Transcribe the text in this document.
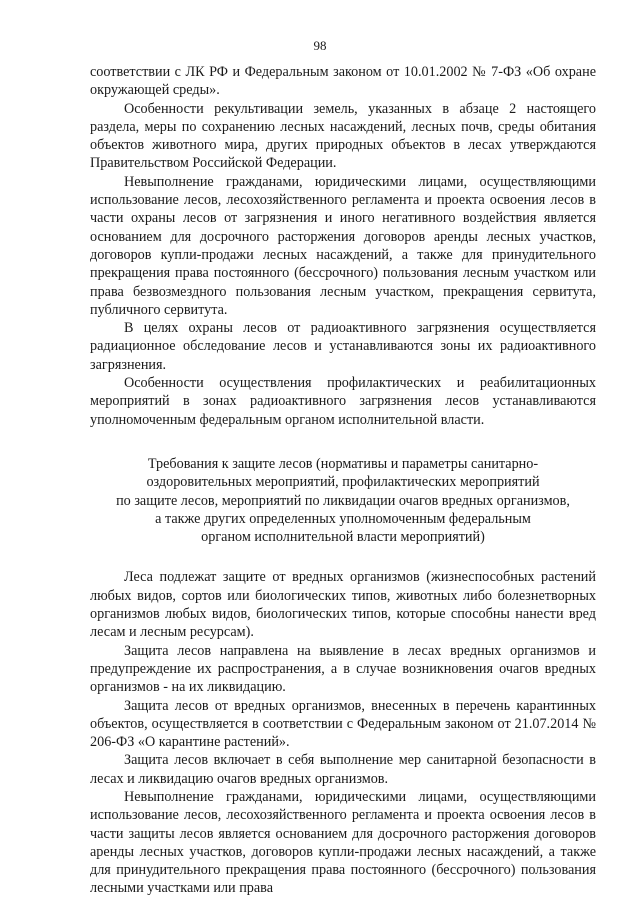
98

соответствии с ЛК РФ и Федеральным законом от 10.01.2002 № 7-ФЗ «Об охране окружающей среды».

Особенности рекультивации земель, указанных в абзаце 2 настоящего раздела, меры по сохранению лесных насаждений, лесных почв, среды обитания объектов животного мира, других природных объектов в лесах утверждаются Правительством Российской Федерации.

Невыполнение гражданами, юридическими лицами, осуществляющими использование лесов, лесохозяйственного регламента и проекта освоения лесов в части охраны лесов от загрязнения и иного негативного воздействия является основанием для досрочного расторжения договоров аренды лесных участков, договоров купли-продажи лесных насаждений, а также для принудительного прекращения права постоянного (бессрочного) пользования лесным участком или права безвозмездного пользования лесным участком, прекращения сервитута, публичного сервитута.

В целях охраны лесов от радиоактивного загрязнения осуществляется радиационное обследование лесов и устанавливаются зоны их радиоактивного загрязнения.

Особенности осуществления профилактических и реабилитационных мероприятий в зонах радиоактивного загрязнения лесов устанавливаются уполномоченным федеральным органом исполнительной власти.

Требования к защите лесов (нормативы и параметры санитарно-
оздоровительных мероприятий, профилактических мероприятий
по защите лесов, мероприятий по ликвидации очагов вредных организмов,
а также других определенных уполномоченным федеральным
органом исполнительной власти мероприятий)

Леса подлежат защите от вредных организмов (жизнеспособных растений любых видов, сортов или биологических типов, животных либо болезнетворных организмов любых видов, биологических типов, которые способны нанести вред лесам и лесным ресурсам).

Защита лесов направлена на выявление в лесах вредных организмов и предупреждение их распространения, а в случае возникновения очагов вредных организмов - на их ликвидацию.

Защита лесов от вредных организмов, внесенных в перечень карантинных объектов, осуществляется в соответствии с Федеральным законом от 21.07.2014 № 206-ФЗ «О карантине растений».

Защита лесов включает в себя выполнение мер санитарной безопасности в лесах и ликвидацию очагов вредных организмов.

Невыполнение гражданами, юридическими лицами, осуществляющими использование лесов, лесохозяйственного регламента и проекта освоения лесов в части защиты лесов является основанием для досрочного расторжения договоров аренды лесных участков, договоров купли-продажи лесных насаждений, а также для принудительного прекращения права постоянного (бессрочного) пользования лесными участками или права
